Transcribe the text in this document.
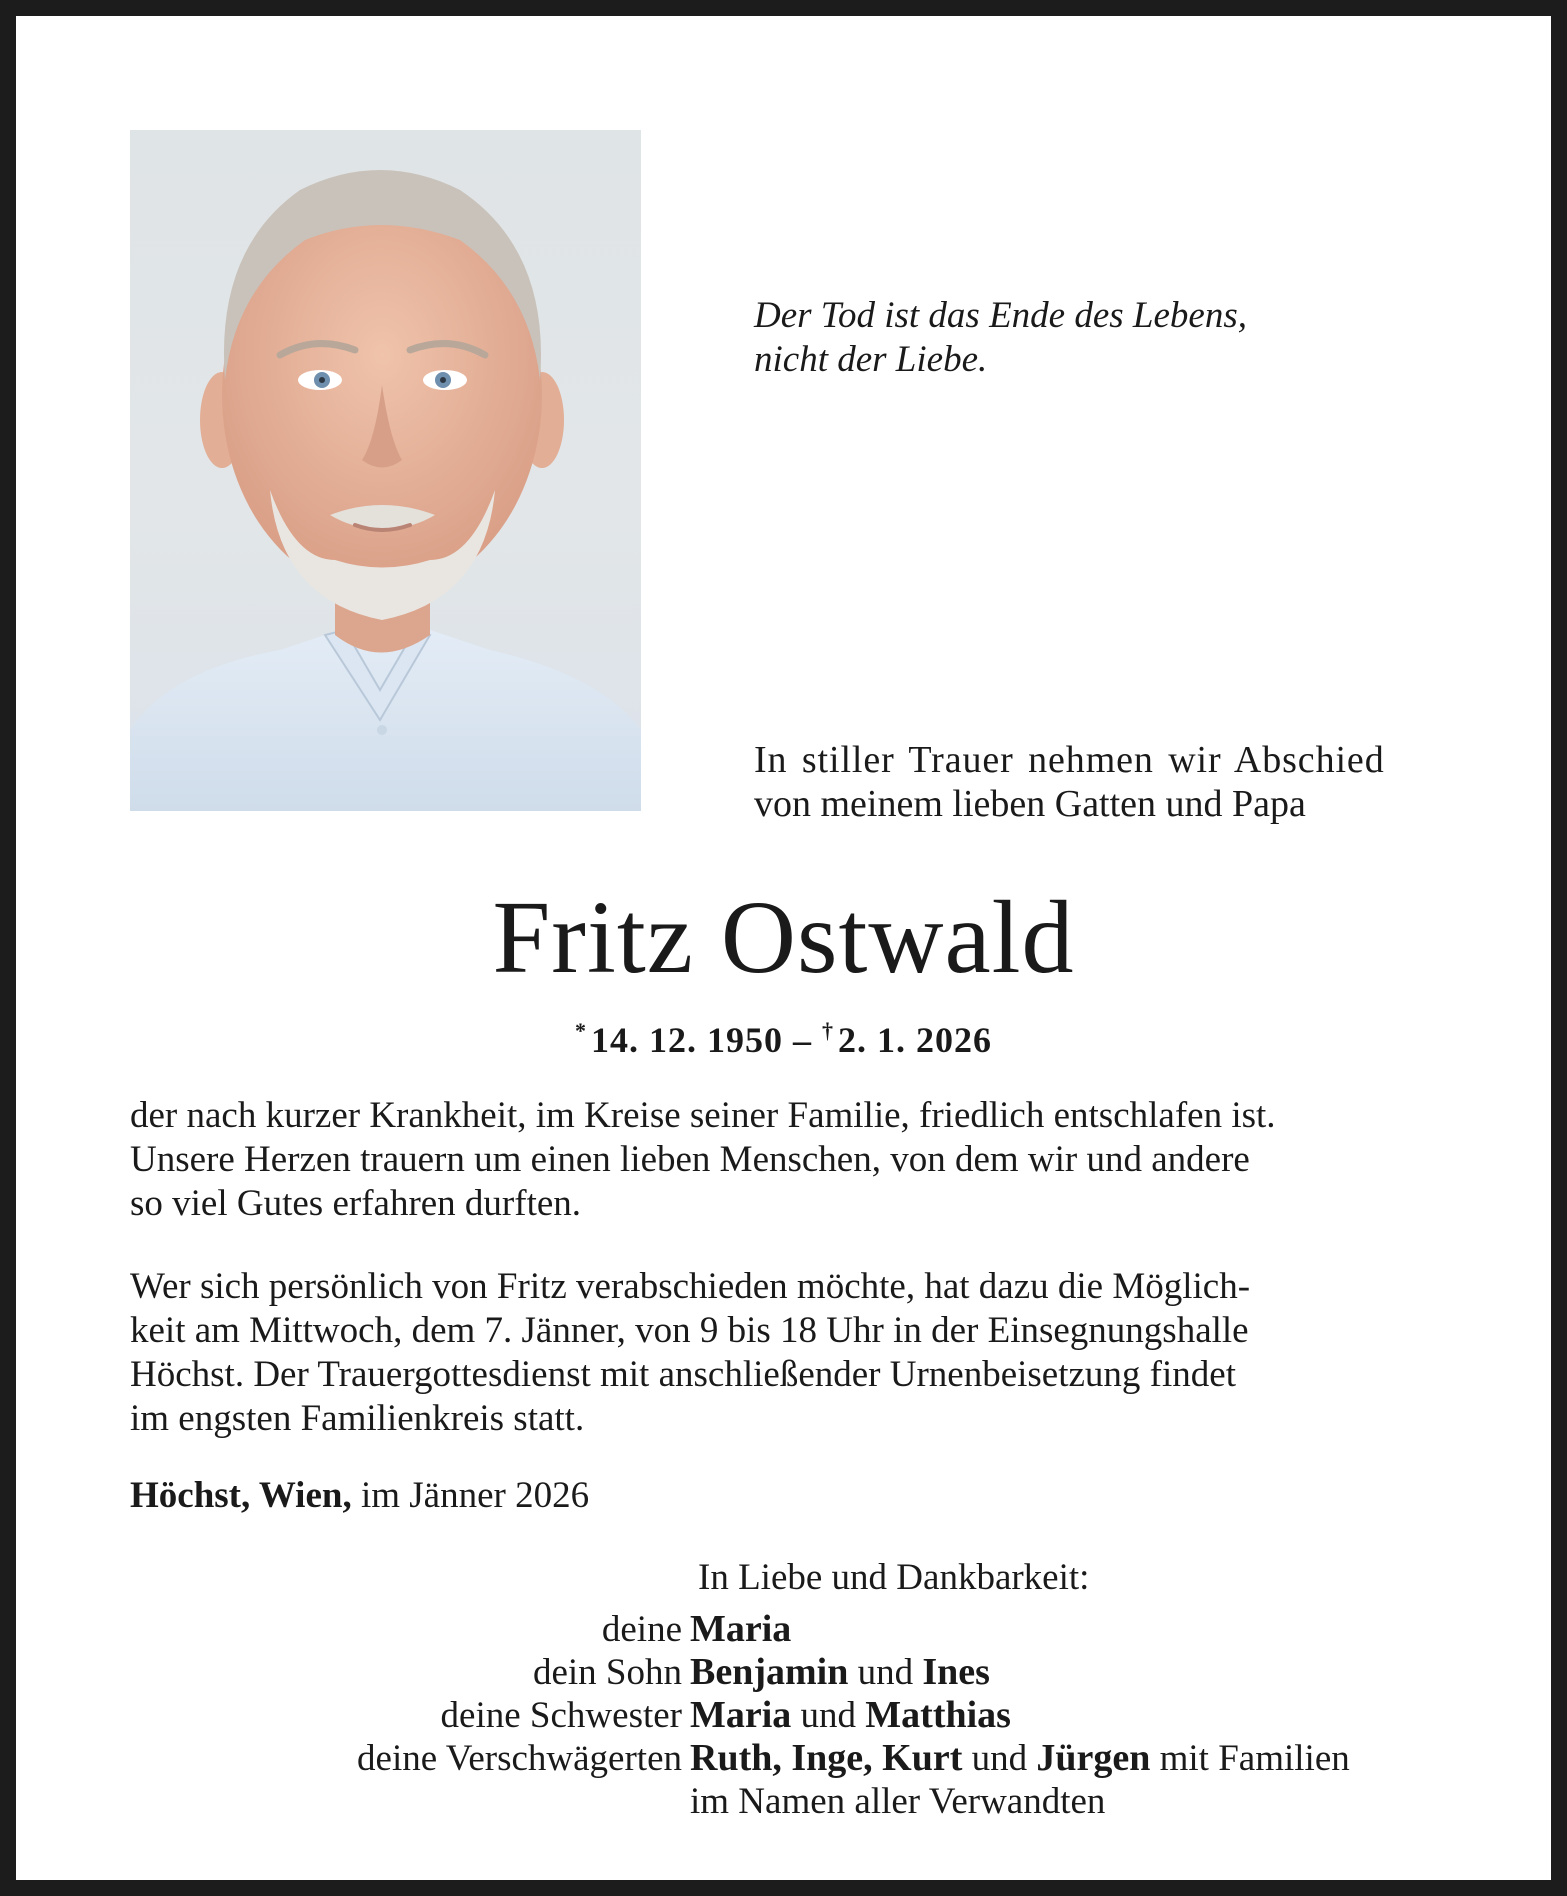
Der Tod ist das Ende des Lebens,
nicht der Liebe.
In stiller Trauer nehmen wir Abschied
von meinem lieben Gatten und Papa
Fritz Ostwald
* 14. 12. 1950 – † 2. 1. 2026
der nach kurzer Krankheit, im Kreise seiner Familie, friedlich entschlafen ist.
Unsere Herzen trauern um einen lieben Menschen, von dem wir und andere
so viel Gutes erfahren durften.
Wer sich persönlich von Fritz verabschieden möchte, hat dazu die Möglich-
keit am Mittwoch, dem 7. Jänner, von 9 bis 18 Uhr in der Einsegnungshalle
Höchst. Der Trauergottesdienst mit anschließender Urnenbeisetzung findet
im engsten Familienkreis statt.
Höchst, Wien, im Jänner 2026
In Liebe und Dankbarkeit:
deine Maria
dein Sohn Benjamin und Ines
deine Schwester Maria und Matthias
deine Verschwägerten Ruth, Inge, Kurt und Jürgen mit Familien
im Namen aller Verwandten
